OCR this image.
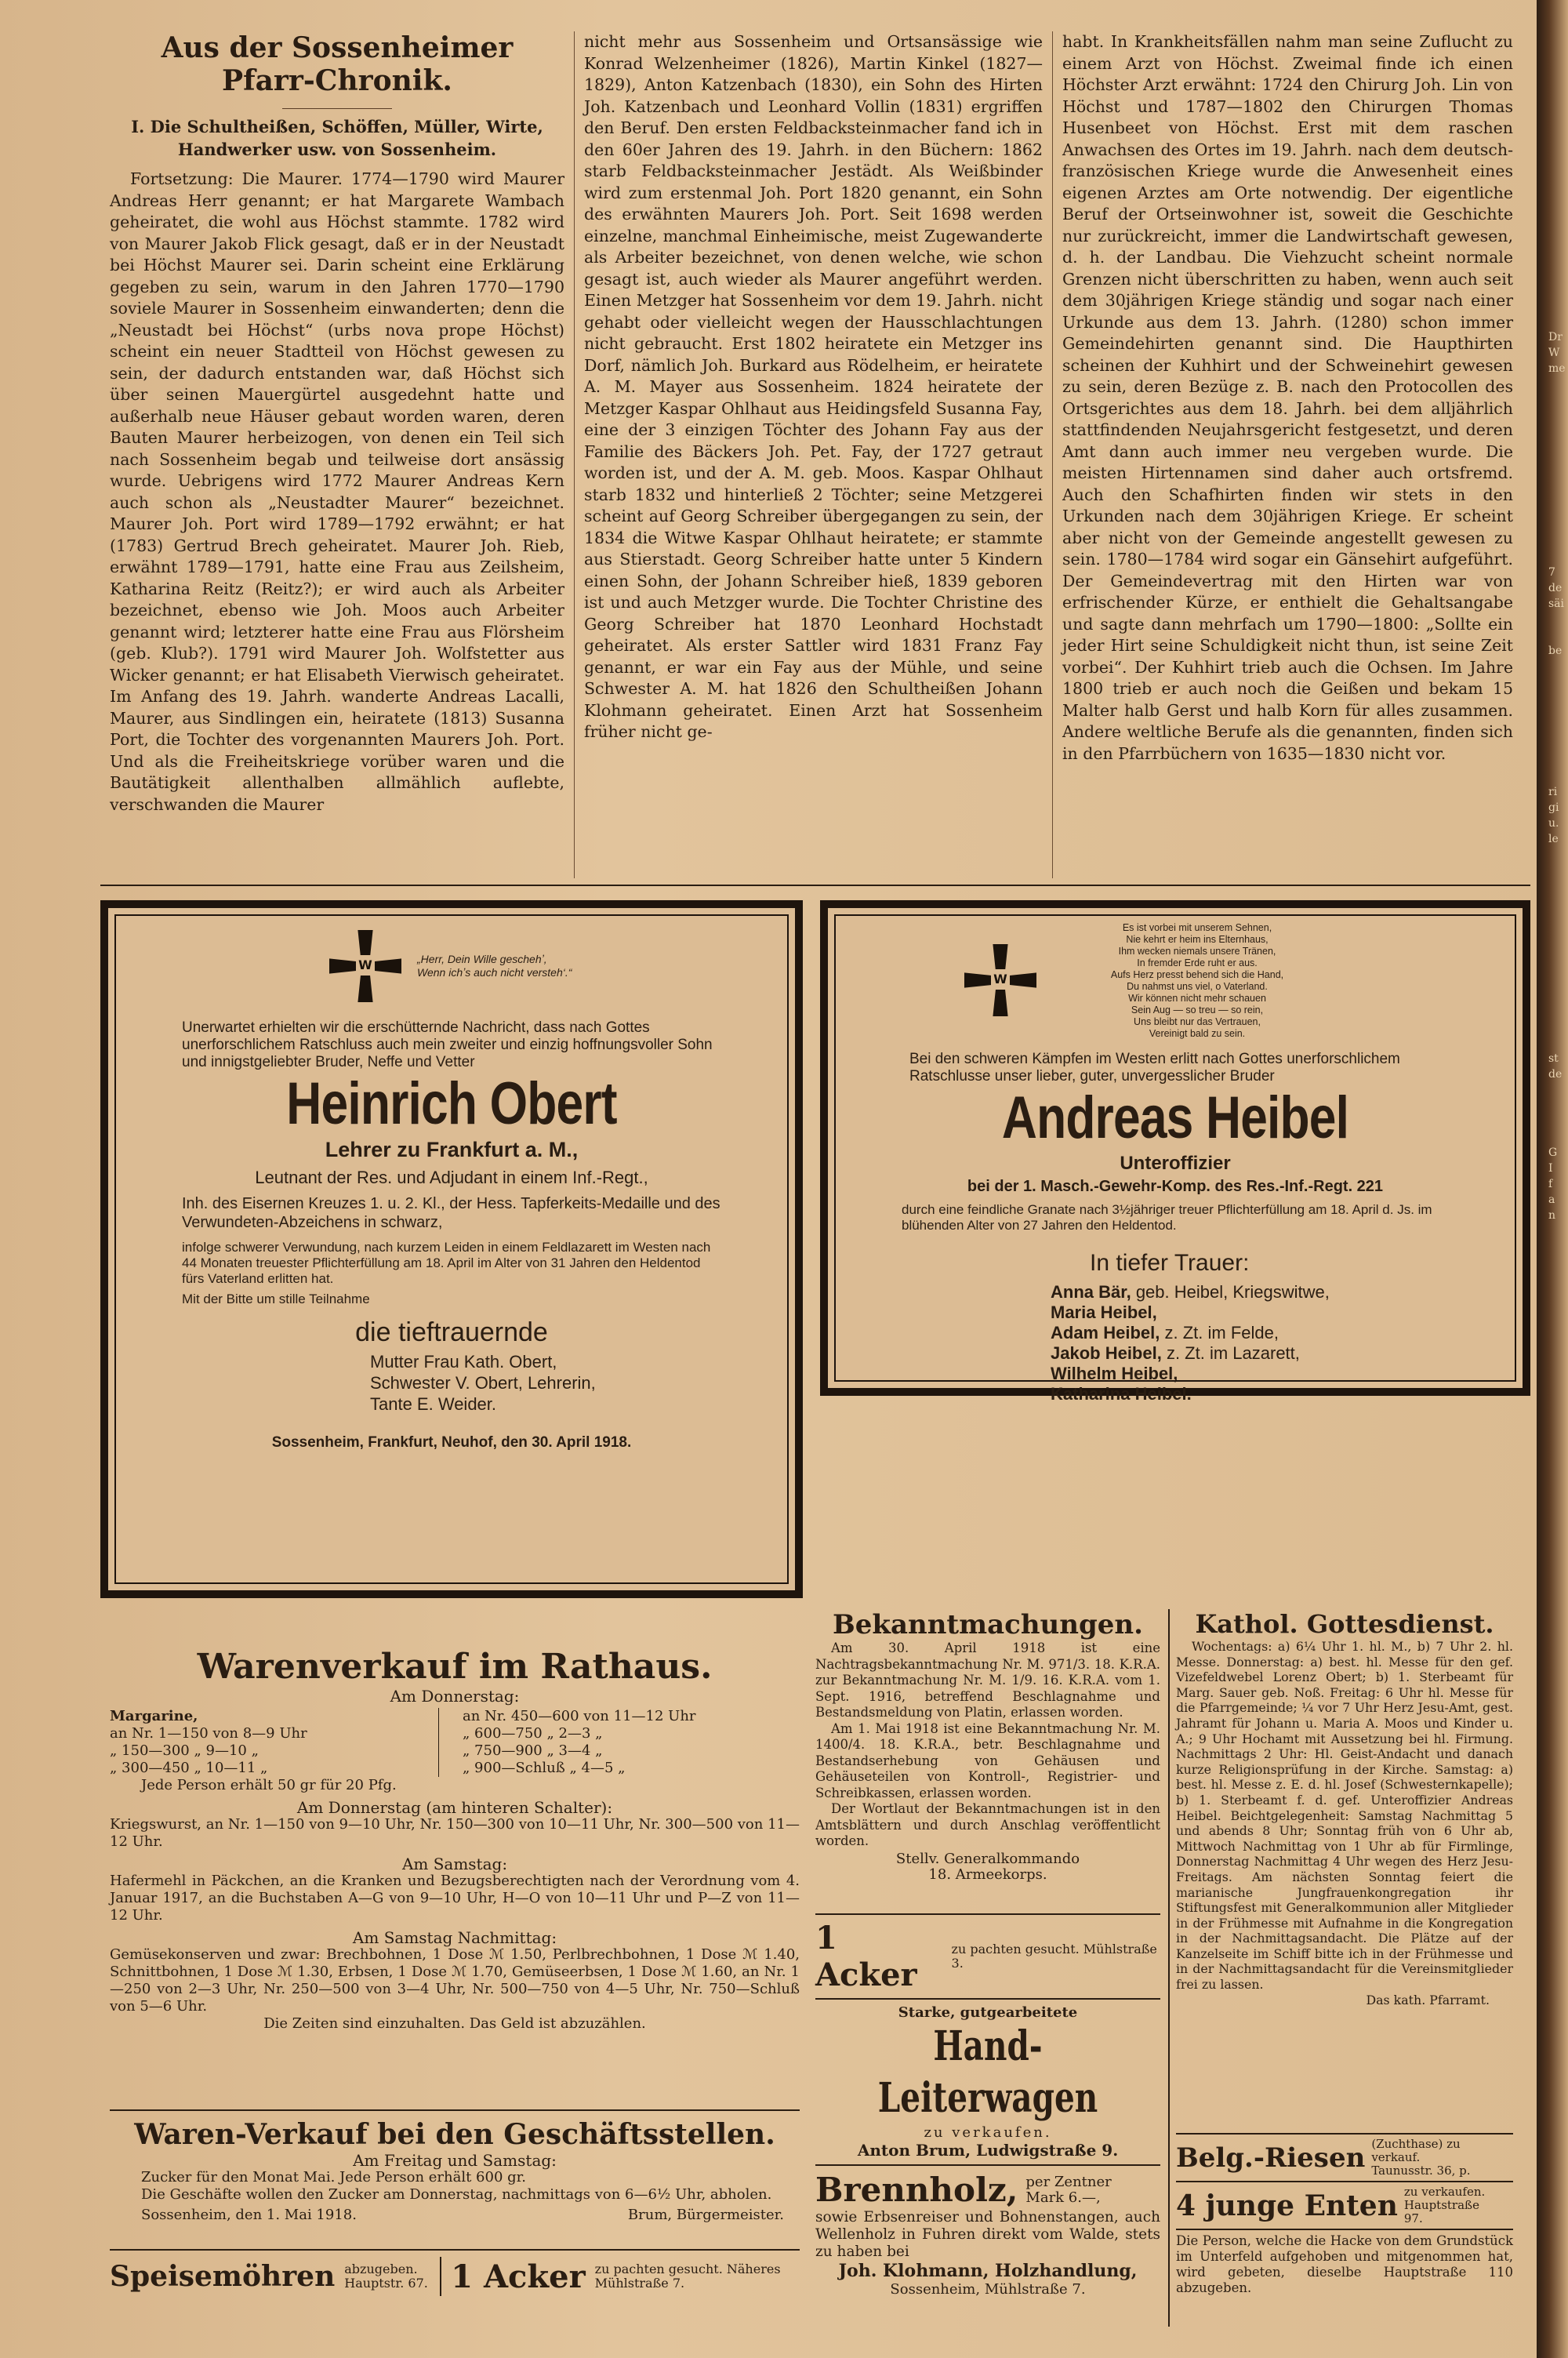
Aus der Sossenheimer Pfarr-Chronik.
I. Die Schultheißen, Schöffen, Müller, Wirte, Handwerker usw. von Sossenheim.

Fortsetzung: Die Maurer. 1774—1790 wird Maurer Andreas Herr genannt; er hat Margarete Wambach geheiratet, die wohl aus Höchst stammte. 1782 wird von Maurer Jakob Flick gesagt, daß er in der Neustadt bei Höchst Maurer sei. Darin scheint eine Erklärung gegeben zu sein, warum in den Jahren 1770—1790 soviele Maurer in Sossenheim einwanderten; denn die „Neustadt bei Höchst“ (urbs nova prope Höchst) scheint ein neuer Stadtteil von Höchst gewesen zu sein, der dadurch entstanden war, daß Höchst sich über seinen Mauergürtel ausgedehnt hatte und außerhalb neue Häuser gebaut worden waren, deren Bauten Maurer herbeizogen, von denen ein Teil sich nach Sossenheim begab und teilweise dort ansässig wurde. Uebrigens wird 1772 Maurer Andreas Kern auch schon als „Neustadter Maurer“ bezeichnet. Maurer Joh. Port wird 1789—1792 erwähnt; er hat (1783) Gertrud Brech geheiratet. Maurer Joh. Rieb, erwähnt 1789—1791, hatte eine Frau aus Zeilsheim, Katharina Reitz (Reitz?); er wird auch als Arbeiter bezeichnet, ebenso wie Joh. Moos auch Arbeiter genannt wird; letzterer hatte eine Frau aus Flörsheim (geb. Klub?). 1791 wird Maurer Joh. Wolfstetter aus Wicker genannt; er hat Elisabeth Vierwisch geheiratet. Im Anfang des 19. Jahrh. wanderte Andreas Lacalli, Maurer, aus Sindlingen ein, heiratete (1813) Susanna Port, die Tochter des vorgenannten Maurers Joh. Port. Und als die Freiheitskriege vorüber waren und die Bautätigkeit allenthalben allmählich auflebte, verschwanden die Maurer

nicht mehr aus Sossenheim und Ortsansässige wie Konrad Welzenheimer (1826), Martin Kinkel (1827—1829), Anton Katzenbach (1830), ein Sohn des Hirten Joh. Katzenbach und Leonhard Vollin (1831) ergriffen den Beruf. Den ersten Feldbacksteinmacher fand ich in den 60er Jahren des 19. Jahrh. in den Büchern: 1862 starb Feldbacksteinmacher Jestädt. Als Weißbinder wird zum erstenmal Joh. Port 1820 genannt, ein Sohn des erwähnten Maurers Joh. Port. Seit 1698 werden einzelne, manchmal Einheimische, meist Zugewanderte als Arbeiter bezeichnet, von denen welche, wie schon gesagt ist, auch wieder als Maurer angeführt werden. Einen Metzger hat Sossenheim vor dem 19. Jahrh. nicht gehabt oder vielleicht wegen der Hausschlachtungen nicht gebraucht. Erst 1802 heiratete ein Metzger ins Dorf, nämlich Joh. Burkard aus Rödelheim, er heiratete A. M. Mayer aus Sossenheim. 1824 heiratete der Metzger Kaspar Ohlhaut aus Heidingsfeld Susanna Fay, eine der 3 einzigen Töchter des Johann Fay aus der Familie des Bäckers Joh. Pet. Fay, der 1727 getraut worden ist, und der A. M. geb. Moos. Kaspar Ohlhaut starb 1832 und hinterließ 2 Töchter; seine Metzgerei scheint auf Georg Schreiber übergegangen zu sein, der 1834 die Witwe Kaspar Ohlhaut heiratete; er stammte aus Stierstadt. Georg Schreiber hatte unter 5 Kindern einen Sohn, der Johann Schreiber hieß, 1839 geboren ist und auch Metzger wurde. Die Tochter Christine des Georg Schreiber hat 1870 Leonhard Hochstadt geheiratet. Als erster Sattler wird 1831 Franz Fay genannt, er war ein Fay aus der Mühle, und seine Schwester A. M. hat 1826 den Schultheißen Johann Klohmann geheiratet. Einen Arzt hat Sossenheim früher nicht ge-

habt. In Krankheitsfällen nahm man seine Zuflucht zu einem Arzt von Höchst. Zweimal finde ich einen Höchster Arzt erwähnt: 1724 den Chirurg Joh. Lin von Höchst und 1787—1802 den Chirurgen Thomas Husenbeet von Höchst. Erst mit dem raschen Anwachsen des Ortes im 19. Jahrh. nach dem deutsch-französischen Kriege wurde die Anwesenheit eines eigenen Arztes am Orte notwendig. Der eigentliche Beruf der Ortseinwohner ist, soweit die Geschichte nur zurückreicht, immer die Landwirtschaft gewesen, d. h. der Landbau. Die Viehzucht scheint normale Grenzen nicht überschritten zu haben, wenn auch seit dem 30jährigen Kriege ständig und sogar nach einer Urkunde aus dem 13. Jahrh. (1280) schon immer Gemeindehirten genannt sind. Die Haupthirten scheinen der Kuhhirt und der Schweinehirt gewesen zu sein, deren Bezüge z. B. nach den Protocollen des Ortsgerichtes aus dem 18. Jahrh. bei dem alljährlich stattfindenden Neujahrsgericht festgesetzt, und deren Amt dann auch immer neu vergeben wurde. Die meisten Hirtennamen sind daher auch ortsfremd. Auch den Schafhirten finden wir stets in den Urkunden nach dem 30jährigen Kriege. Er scheint aber nicht von der Gemeinde angestellt gewesen zu sein. 1780—1784 wird sogar ein Gänsehirt aufgeführt. Der Gemeindevertrag mit den Hirten war von erfrischender Kürze, er enthielt die Gehaltsangabe und sagte dann mehrfach um 1790—1800: „Sollte ein jeder Hirt seine Schuldigkeit nicht thun, ist seine Zeit vorbei“. Der Kuhhirt trieb auch die Ochsen. Im Jahre 1800 trieb er auch noch die Geißen und bekam 15 Malter halb Gerst und halb Korn für alles zusammen. Andere weltliche Berufe als die genannten, finden sich in den Pfarrbüchern von 1635—1830 nicht vor.

W	„Herr, Dein Wille geschehʼ, Wenn ichʼs auch nicht versteh‘.“
Unerwartet erhielten wir die erschütternde Nachricht, dass nach Gottes unerforschlichem Ratschluss auch mein zweiter und einzig hoffnungsvoller Sohn und innigstgeliebter Bruder, Neffe und Vetter
Heinrich Obert
Lehrer zu Frankfurt a. M.,
Leutnant der Res. und Adjudant in einem Inf.-Regt.,
Inh. des Eisernen Kreuzes 1. u. 2. Kl., der Hess. Tapferkeits-Medaille und des Verwundeten-Abzeichens in schwarz,
infolge schwerer Verwundung, nach kurzem Leiden in einem Feldlazarett im Westen nach 44 Monaten treuester Pflichterfüllung am 18. April im Alter von 31 Jahren den Heldentod fürs Vaterland erlitten hat.
Mit der Bitte um stille Teilnahme
die tieftrauernde
Mutter Frau Kath. Obert,
Schwester V. Obert, Lehrerin,
Tante E. Weider.
Sossenheim, Frankfurt, Neuhof, den 30. April 1918.
W
Es ist vorbei mit unserem Sehnen,
Nie kehrt er heim ins Elternhaus,
Ihm wecken niemals unsere Tränen,
In fremder Erde ruht er aus.
Aufs Herz presst behend sich die Hand,
Du nahmst uns viel, o Vaterland.
Wir können nicht mehr schauen
Sein Aug — so treu — so rein,
Uns bleibt nur das Vertrauen,
Vereinigt bald zu sein.
Bei den schweren Kämpfen im Westen erlitt nach Gottes unerforschlichem Ratschlusse unser lieber, guter, unvergesslicher Bruder
Andreas Heibel
Unteroffizier
bei der 1. Masch.-Gewehr-Komp. des Res.-Inf.-Regt. 221
durch eine feindliche Granate nach 3½jähriger treuer Pflichterfüllung am 18. April d. Js. im blühenden Alter von 27 Jahren den Heldentod.
In tiefer Trauer:
Anna Bär, geb. Heibel, Kriegswitwe,
Maria Heibel,
Adam Heibel, z. Zt. im Felde,
Jakob Heibel, z. Zt. im Lazarett,
Wilhelm Heibel,
Katharina Heibel.
Warenverkauf im Rathaus.
Am Donnerstag:
Margarine,
an Nr. 1—150 von 8—9 Uhr
„ 150—300 „ 9—10 „
„ 300—450 „ 10—11 „
an Nr. 450—600 von 11—12 Uhr
„ 600—750 „ 2—3 „
„ 750—900 „ 3—4 „
„ 900—Schluß „ 4—5 „
Jede Person erhält 50 gr für 20 Pfg.
Am Donnerstag (am hinteren Schalter):
Kriegswurst, an Nr. 1—150 von 9—10 Uhr, Nr. 150—300 von 10—11 Uhr, Nr. 300—500 von 11—12 Uhr.
Am Samstag:
Hafermehl in Päckchen, an die Kranken und Bezugsberechtigten nach der Verordnung vom 4. Januar 1917, an die Buchstaben A—G von 9—10 Uhr, H—O von 10—11 Uhr und P—Z von 11—12 Uhr.
Am Samstag Nachmittag:
Gemüsekonserven und zwar: Brechbohnen, 1 Dose ℳ 1.50, Perlbrechbohnen, 1 Dose ℳ 1.40, Schnittbohnen, 1 Dose ℳ 1.30, Erbsen, 1 Dose ℳ 1.70, Gemüseerbsen, 1 Dose ℳ 1.60, an Nr. 1—250 von 2—3 Uhr, Nr. 250—500 von 3—4 Uhr, Nr. 500—750 von 4—5 Uhr, Nr. 750—Schluß von 5—6 Uhr.
Die Zeiten sind einzuhalten. Das Geld ist abzuzählen.
Waren-Verkauf bei den Geschäftsstellen.
Am Freitag und Samstag:
Zucker für den Monat Mai. Jede Person erhält 600 gr.
Die Geschäfte wollen den Zucker am Donnerstag, nachmittags von 6—6½ Uhr, abholen.
Sossenheim, den 1. Mai 1918.	Brum, Bürgermeister.
Speisemöhren abzugeben. Hauptstr. 67. 1 Acker zu pachten gesucht. Näheres Mühlstraße 7.
Bekanntmachungen.
Am 30. April 1918 ist eine Nachtragsbekanntmachung Nr. M. 971/3. 18. K.R.A. zur Bekanntmachung Nr. M. 1/9. 16. K.R.A. vom 1. Sept. 1916, betreffend Beschlagnahme und Bestandsmeldung von Platin, erlassen worden.
Am 1. Mai 1918 ist eine Bekanntmachung Nr. M. 1400/4. 18. K.R.A., betr. Beschlagnahme und Bestandserhebung von Gehäusen und Gehäuseteilen von Kontroll-, Registrier- und Schreibkassen, erlassen worden.
Der Wortlaut der Bekanntmachungen ist in den Amtsblättern und durch Anschlag veröffentlicht worden.
Stellv. Generalkommando
18. Armeekorps.
1 Acker
zu pachten gesucht. Mühlstraße 3.
Starke, gutgearbeitete
Hand-Leiterwagen
zu verkaufen.
Anton Brum, Ludwigstraße 9.
Brennholz, per Zentner Mark 6.—,
sowie Erbsenreiser und Bohnenstangen, auch Wellenholz in Fuhren direkt vom Walde, stets zu haben bei
Joh. Klohmann, Holzhandlung,
Sossenheim, Mühlstraße 7.
Kathol. Gottesdienst.
Wochentags: a) 6¼ Uhr 1. hl. M., b) 7 Uhr 2. hl. Messe. Donnerstag: a) best. hl. Messe für den gef. Vizefeldwebel Lorenz Obert; b) 1. Sterbeamt für Marg. Sauer geb. Noß. Freitag: 6 Uhr hl. Messe für die Pfarrgemeinde; ¼ vor 7 Uhr Herz Jesu-Amt, gest. Jahramt für Johann u. Maria A. Moos und Kinder u. A.; 9 Uhr Hochamt mit Aussetzung bei hl. Firmung. Nachmittags 2 Uhr: Hl. Geist-Andacht und danach kurze Religionsprüfung in der Kirche. Samstag: a) best. hl. Messe z. E. d. hl. Josef (Schwesternkapelle); b) 1. Sterbeamt f. d. gef. Unteroffizier Andreas Heibel. Beichtgelegenheit: Samstag Nachmittag 5 und abends 8 Uhr; Sonntag früh von 6 Uhr ab, Mittwoch Nachmittag von 1 Uhr ab für Firmlinge, Donnerstag Nachmittag 4 Uhr wegen des Herz Jesu-Freitags. Am nächsten Sonntag feiert die marianische Jungfrauenkongregation ihr Stiftungsfest mit Generalkommunion aller Mitglieder in der Frühmesse mit Aufnahme in die Kongregation in der Nachmittagsandacht. Die Plätze auf der Kanzelseite im Schiff bitte ich in der Frühmesse und in der Nachmittagsandacht für die Vereinsmitglieder frei zu lassen.
Das kath. Pfarramt.
Belg.-Riesen (Zuchthase) zu verkauf. Taunusstr. 36, p.
4 junge Enten zu verkaufen. Hauptstraße 97.
Die Person, welche die Hacke von dem Grundstück im Unterfeld aufgehoben und mitgenommen hat, wird gebeten, dieselbe Hauptstraße 110 abzugeben.
Dr
W
me
7
de
säi
be
ri
gi
u.
le
st
de
G
I
f
a
n
